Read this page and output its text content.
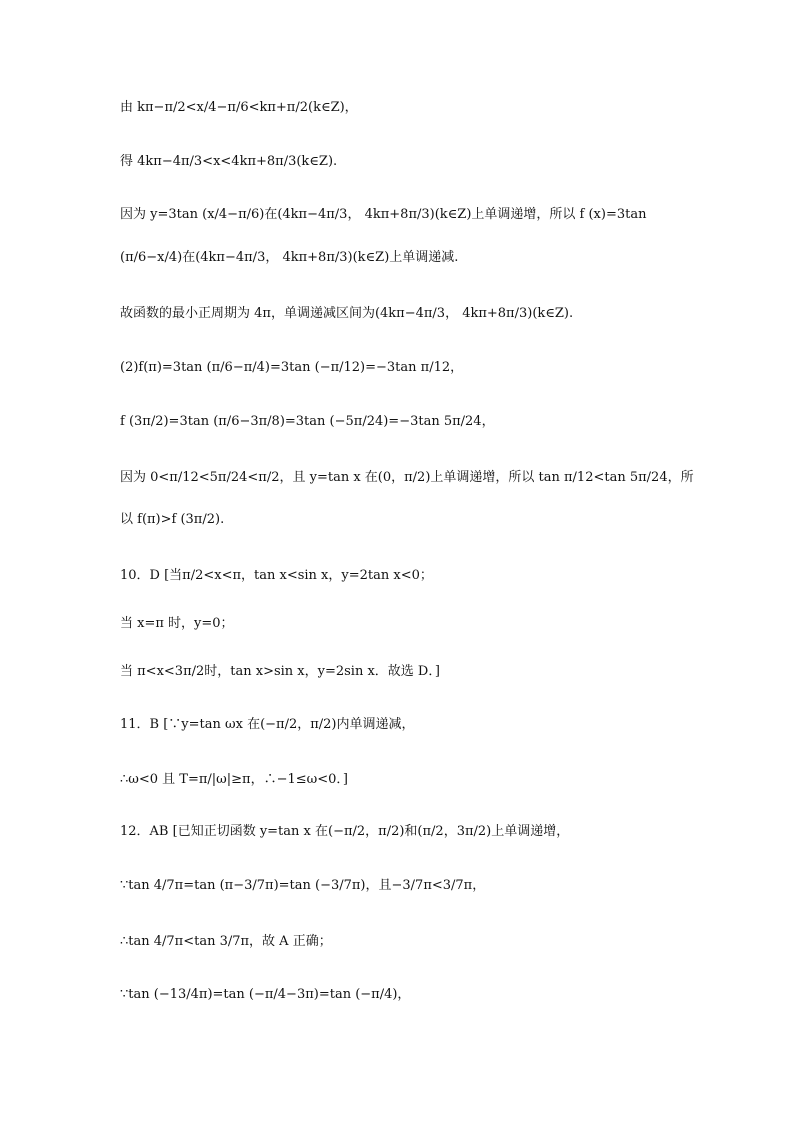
由 kπ−π/2<x/4−π/6<kπ+π/2(k∈Z)，
得 4kπ−4π/3<x<4kπ+8π/3(k∈Z).
因为 y=3tan (x/4−π/6)在(4kπ−4π/3， 4kπ+8π/3)(k∈Z)上单调递增，所以 f (x)=3tan
(π/6−x/4)在(4kπ−4π/3， 4kπ+8π/3)(k∈Z)上单调递减.
故函数的最小正周期为 4π，单调递减区间为(4kπ−4π/3， 4kπ+8π/3)(k∈Z).
(2)f(π)=3tan (π/6−π/4)=3tan (−π/12)=−3tan π/12，
f (3π/2)=3tan (π/6−3π/8)=3tan (−5π/24)=−3tan 5π/24，
因为 0<π/12<5π/24<π/2，且 y=tan x 在(0，π/2)上单调递增，所以 tan π/12<tan 5π/24，所
以 f(π)>f (3π/2).
10．D [当π/2<x<π，tan x<sin x，y=2tan x<0；
当 x=π 时，y=0；
当 π<x<3π/2时，tan x>sin x，y=2sin x．故选 D．]
11．B [∵y=tan ωx 在(−π/2，π/2)内单调递减，
∴ω<0 且 T=π/|ω|≥π，∴−1≤ω<0．]
12．AB [已知正切函数 y=tan x 在(−π/2，π/2)和(π/2，3π/2)上单调递增，
∵tan 4/7π=tan (π−3/7π)=tan (−3/7π)，且−3/7π<3/7π，
∴tan 4/7π<tan 3/7π，故 A 正确；
∵tan (−13/4π)=tan (−π/4−3π)=tan (−π/4)，
